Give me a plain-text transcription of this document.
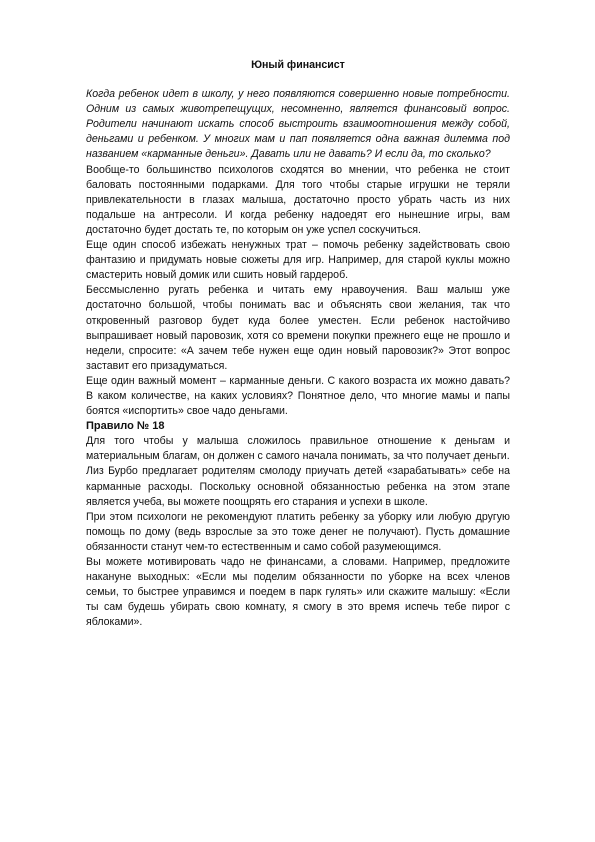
Юный финансист

Когда ребенок идет в школу, у него появляются совершенно новые потребности. Одним из самых животрепещущих, несомненно, является финансовый вопрос. Родители начинают искать способ выстроить взаимоотношения между собой, деньгами и ребенком. У многих мам и пап появляется одна важная дилемма под названием «карманные деньги». Давать или не давать? И если да, то сколько?

Вообще-то большинство психологов сходятся во мнении, что ребенка не стоит баловать постоянными подарками. Для того чтобы старые игрушки не теряли привлекательности в глазах малыша, достаточно просто убрать часть из них подальше на антресоли. И когда ребенку надоедят его нынешние игры, вам достаточно будет достать те, по которым он уже успел соскучиться.

Еще один способ избежать ненужных трат – помочь ребенку задействовать свою фантазию и придумать новые сюжеты для игр. Например, для старой куклы можно смастерить новый домик или сшить новый гардероб.

Бессмысленно ругать ребенка и читать ему нравоучения. Ваш малыш уже достаточно большой, чтобы понимать вас и объяснять свои желания, так что откровенный разговор будет куда более уместен. Если ребенок настойчиво выпрашивает новый паровозик, хотя со времени покупки прежнего еще не прошло и недели, спросите: «А зачем тебе нужен еще один новый паровозик?» Этот вопрос заставит его призадуматься.

Еще один важный момент – карманные деньги. С какого возраста их можно давать? В каком количестве, на каких условиях? Понятное дело, что многие мамы и папы боятся «испортить» свое чадо деньгами.

Правило № 18

Для того чтобы у малыша сложилось правильное отношение к деньгам и материальным благам, он должен с самого начала понимать, за что получает деньги.

Лиз Бурбо предлагает родителям смолоду приучать детей «зарабатывать» себе на карманные расходы. Поскольку основной обязанностью ребенка на этом этапе является учеба, вы можете поощрять его старания и успехи в школе.

При этом психологи не рекомендуют платить ребенку за уборку или любую другую помощь по дому (ведь взрослые за это тоже денег не получают). Пусть домашние обязанности станут чем-то естественным и само собой разумеющимся.

Вы можете мотивировать чадо не финансами, а словами. Например, предложите накануне выходных: «Если мы поделим обязанности по уборке на всех членов семьи, то быстрее управимся и поедем в парк гулять» или скажите малышу: «Если ты сам будешь убирать свою комнату, я смогу в это время испечь тебе пирог с яблоками».
